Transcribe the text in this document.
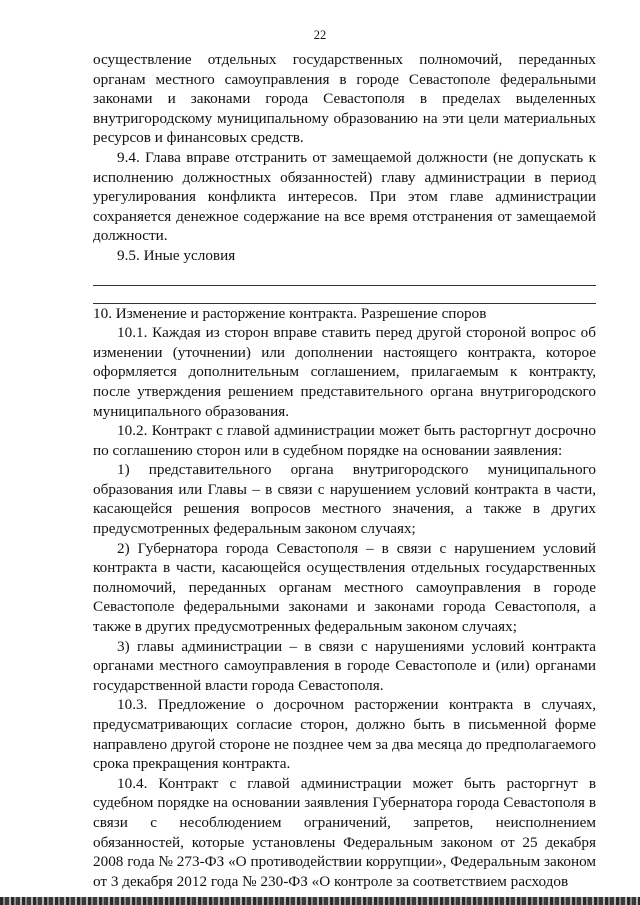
22

осуществление отдельных государственных полномочий, переданных органам местного самоуправления в городе Севастополе федеральными законами и законами города Севастополя в пределах выделенных внутригородскому муниципальному образованию на эти цели материальных ресурсов и финансовых средств.

9.4. Глава вправе отстранить от замещаемой должности (не допускать к исполнению должностных обязанностей) главу администрации в период урегулирования конфликта интересов. При этом главе администрации сохраняется денежное содержание на все время отстранения от замещаемой должности.

9.5. Иные условия

10. Изменение и расторжение контракта. Разрешение споров

10.1. Каждая из сторон вправе ставить перед другой стороной вопрос об изменении (уточнении) или дополнении настоящего контракта, которое оформляется дополнительным соглашением, прилагаемым к контракту, после утверждения решением представительного органа внутригородского муниципального образования.

10.2. Контракт с главой администрации может быть расторгнут досрочно по соглашению сторон или в судебном порядке на основании заявления:

1) представительного органа внутригородского муниципального образования или Главы – в связи с нарушением условий контракта в части, касающейся решения вопросов местного значения, а также в других предусмотренных федеральным законом случаях;

2) Губернатора города Севастополя – в связи с нарушением условий контракта в части, касающейся осуществления отдельных государственных полномочий, переданных органам местного самоуправления в городе Севастополе федеральными законами и законами города Севастополя, а также в других предусмотренных федеральным законом случаях;

3) главы администрации – в связи с нарушениями условий контракта органами местного самоуправления в городе Севастополе и (или) органами государственной власти города Севастополя.

10.3. Предложение о досрочном расторжении контракта в случаях, предусматривающих согласие сторон, должно быть в письменной форме направлено другой стороне не позднее чем за два месяца до предполагаемого срока прекращения контракта.

10.4. Контракт с главой администрации может быть расторгнут в судебном порядке на основании заявления Губернатора города Севастополя в связи с несоблюдением ограничений, запретов, неисполнением обязанностей, которые установлены Федеральным законом от 25 декабря 2008 года № 273-ФЗ «О противодействии коррупции», Федеральным законом от 3 декабря 2012 года № 230-ФЗ «О контроле за соответствием расходов
